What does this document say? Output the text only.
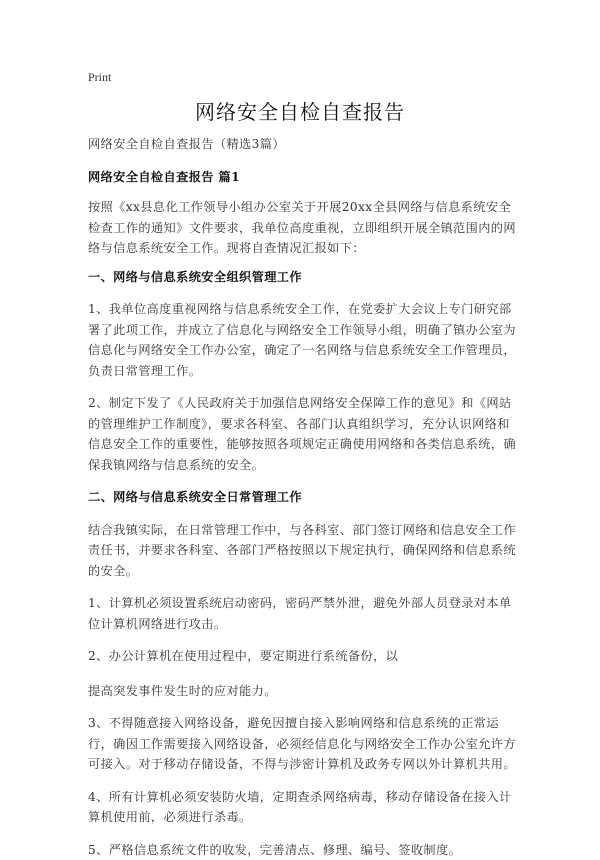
Print
网络安全自检自查报告

网络安全自检自查报告（精选3篇）

网络安全自检自查报告 篇1

按照《xx县息化工作领导小组办公室关于开展20xx全县网络与信息系统安全检查工作的通知》文件要求，我单位高度重视，立即组织开展全镇范围内的网络与信息系统安全工作。现将自查情况汇报如下：

一、网络与信息系统安全组织管理工作

1、我单位高度重视网络与信息系统安全工作，在党委扩大会议上专门研究部署了此项工作，并成立了信息化与网络安全工作领导小组，明确了镇办公室为信息化与网络安全工作办公室，确定了一名网络与信息系统安全工作管理员，负责日常管理工作。

2、制定下发了《人民政府关于加强信息网络安全保障工作的意见》和《网站的管理维护工作制度》，要求各科室、各部门认真组织学习，充分认识网络和信息安全工作的重要性，能够按照各项规定正确使用网络和各类信息系统，确保我镇网络与信息系统的安全。

二、网络与信息系统安全日常管理工作

结合我镇实际，在日常管理工作中，与各科室、部门签订网络和信息安全工作责任书，并要求各科室、各部门严格按照以下规定执行，确保网络和信息系统的安全。

1、计算机必须设置系统启动密码，密码严禁外泄，避免外部人员登录对本单位计算机网络进行攻击。

2、办公计算机在使用过程中，要定期进行系统备份，以

提高突发事件发生时的应对能力。

3、不得随意接入网络设备，避免因擅自接入影响网络和信息系统的正常运行，确因工作需要接入网络设备，必须经信息化与网络安全工作办公室允许方可接入。对于移动存储设备，不得与涉密计算机及政务专网以外计算机共用。

4、所有计算机必须安装防火墙，定期查杀网络病毒，移动存储设备在接入计算机使用前，必须进行杀毒。

5、严格信息系统文件的收发，完善清点、修理、编号、签收制度。
